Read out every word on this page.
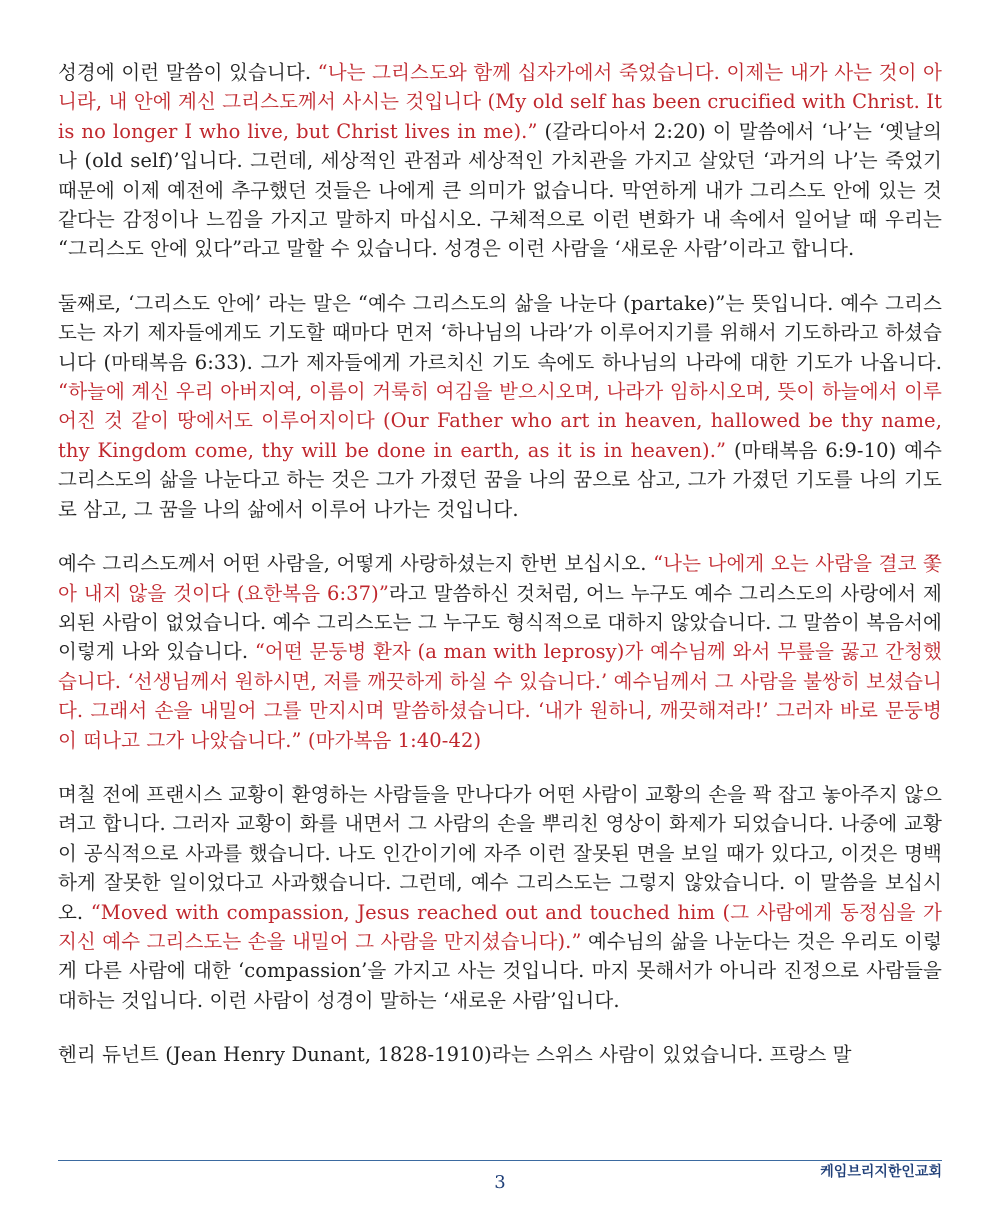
성경에 이런 말씀이 있습니다. “나는 그리스도와 함께 십자가에서 죽었습니다. 이제는 내가 사는 것이 아니라, 내 안에 계신 그리스도께서 사시는 것입니다 (My old self has been crucified with Christ. It is no longer I who live, but Christ lives in me).” (갈라디아서 2:20) 이 말씀에서 ‘나’는 ‘옛날의 나 (old self)’입니다. 그런데, 세상적인 관점과 세상적인 가치관을 가지고 살았던 ‘과거의 나’는 죽었기 때문에 이제 예전에 추구했던 것들은 나에게 큰 의미가 없습니다. 막연하게 내가 그리스도 안에 있는 것 같다는 감정이나 느낌을 가지고 말하지 마십시오. 구체적으로 이런 변화가 내 속에서 일어날 때 우리는 “그리스도 안에 있다”라고 말할 수 있습니다. 성경은 이런 사람을 ‘새로운 사람’이라고 합니다.

둘째로, ‘그리스도 안에’ 라는 말은 “예수 그리스도의 삶을 나눈다 (partake)”는 뜻입니다. 예수 그리스도는 자기 제자들에게도 기도할 때마다 먼저 ‘하나님의 나라’가 이루어지기를 위해서 기도하라고 하셨습니다 (마태복음 6:33). 그가 제자들에게 가르치신 기도 속에도 하나님의 나라에 대한 기도가 나옵니다. “하늘에 계신 우리 아버지여, 이름이 거룩히 여김을 받으시오며, 나라가 임하시오며, 뜻이 하늘에서 이루어진 것 같이 땅에서도 이루어지이다 (Our Father who art in heaven, hallowed be thy name, thy Kingdom come, thy will be done in earth, as it is in heaven).” (마태복음 6:9-10) 예수 그리스도의 삶을 나눈다고 하는 것은 그가 가졌던 꿈을 나의 꿈으로 삼고, 그가 가졌던 기도를 나의 기도로 삼고, 그 꿈을 나의 삶에서 이루어 나가는 것입니다.

예수 그리스도께서 어떤 사람을, 어떻게 사랑하셨는지 한번 보십시오. “나는 나에게 오는 사람을 결코 쫓아 내지 않을 것이다 (요한복음 6:37)”라고 말씀하신 것처럼, 어느 누구도 예수 그리스도의 사랑에서 제외된 사람이 없었습니다. 예수 그리스도는 그 누구도 형식적으로 대하지 않았습니다. 그 말씀이 복음서에 이렇게 나와 있습니다. “어떤 문둥병 환자 (a man with leprosy)가 예수님께 와서 무릎을 꿇고 간청했습니다. ‘선생님께서 원하시면, 저를 깨끗하게 하실 수 있습니다.’ 예수님께서 그 사람을 불쌍히 보셨습니다. 그래서 손을 내밀어 그를 만지시며 말씀하셨습니다. ‘내가 원하니, 깨끗해져라!’ 그러자 바로 문둥병이 떠나고 그가 나았습니다.” (마가복음 1:40-42)

며칠 전에 프랜시스 교황이 환영하는 사람들을 만나다가 어떤 사람이 교황의 손을 꽉 잡고 놓아주지 않으려고 합니다. 그러자 교황이 화를 내면서 그 사람의 손을 뿌리친 영상이 화제가 되었습니다. 나중에 교황이 공식적으로 사과를 했습니다. 나도 인간이기에 자주 이런 잘못된 면을 보일 때가 있다고, 이것은 명백하게 잘못한 일이었다고 사과했습니다. 그런데, 예수 그리스도는 그렇지 않았습니다. 이 말씀을 보십시오. “Moved with compassion, Jesus reached out and touched him (그 사람에게 동정심을 가지신 예수 그리스도는 손을 내밀어 그 사람을 만지셨습니다).” 예수님의 삶을 나눈다는 것은 우리도 이렇게 다른 사람에 대한 ‘compassion’을 가지고 사는 것입니다. 마지 못해서가 아니라 진정으로 사람들을 대하는 것입니다. 이런 사람이 성경이 말하는 ‘새로운 사람’입니다.

헨리 듀넌트 (Jean Henry Dunant, 1828-1910)라는 스위스 사람이 있었습니다. 프랑스 말

3	케임브리지한인교회
